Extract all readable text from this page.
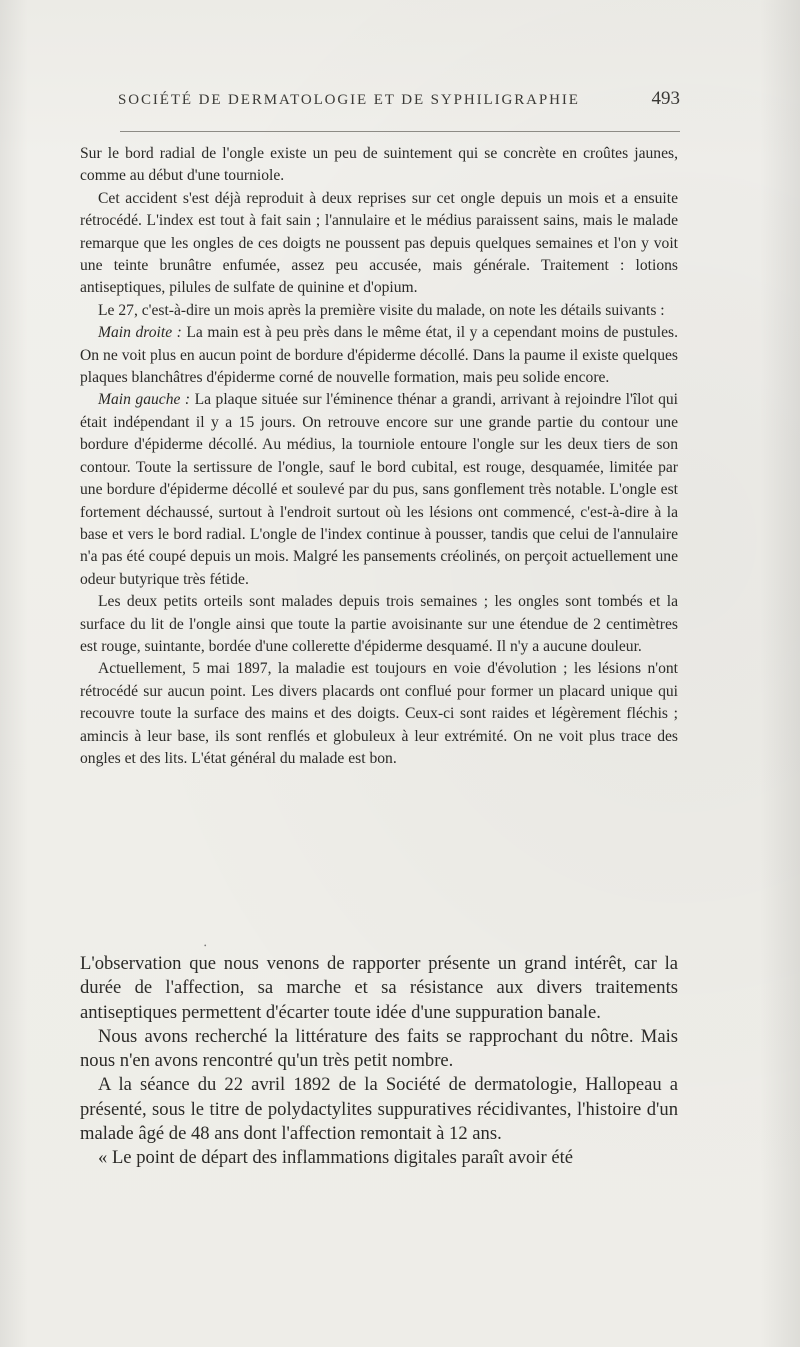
SOCIÉTÉ DE DERMATOLOGIE ET DE SYPHILIGRAPHIE	493

Sur le bord radial de l'ongle existe un peu de suintement qui se concrète en croûtes jaunes, comme au début d'une tourniole.

Cet accident s'est déjà reproduit à deux reprises sur cet ongle depuis un mois et a ensuite rétrocédé. L'index est tout à fait sain ; l'annulaire et le médius paraissent sains, mais le malade remarque que les ongles de ces doigts ne poussent pas depuis quelques semaines et l'on y voit une teinte brunâtre enfumée, assez peu accusée, mais générale. Traitement : lotions antiseptiques, pilules de sulfate de quinine et d'opium.

Le 27, c'est-à-dire un mois après la première visite du malade, on note les détails suivants :

Main droite : La main est à peu près dans le même état, il y a cependant moins de pustules. On ne voit plus en aucun point de bordure d'épiderme décollé. Dans la paume il existe quelques plaques blanchâtres d'épiderme corné de nouvelle formation, mais peu solide encore.

Main gauche : La plaque située sur l'éminence thénar a grandi, arrivant à rejoindre l'îlot qui était indépendant il y a 15 jours. On retrouve encore sur une grande partie du contour une bordure d'épiderme décollé. Au médius, la tourniole entoure l'ongle sur les deux tiers de son contour. Toute la sertissure de l'ongle, sauf le bord cubital, est rouge, desquamée, limitée par une bordure d'épiderme décollé et soulevé par du pus, sans gonflement très notable. L'ongle est fortement déchaussé, surtout à l'endroit surtout où les lésions ont commencé, c'est-à-dire à la base et vers le bord radial. L'ongle de l'index continue à pousser, tandis que celui de l'annulaire n'a pas été coupé depuis un mois. Malgré les pansements créolinés, on perçoit actuellement une odeur butyrique très fétide.

Les deux petits orteils sont malades depuis trois semaines ; les ongles sont tombés et la surface du lit de l'ongle ainsi que toute la partie avoisinante sur une étendue de 2 centimètres est rouge, suintante, bordée d'une collerette d'épiderme desquamé. Il n'y a aucune douleur.

Actuellement, 5 mai 1897, la maladie est toujours en voie d'évolution ; les lésions n'ont rétrocédé sur aucun point. Les divers placards ont conflué pour former un placard unique qui recouvre toute la surface des mains et des doigts. Ceux-ci sont raides et légèrement fléchis ; amincis à leur base, ils sont renflés et globuleux à leur extrémité. On ne voit plus trace des ongles et des lits. L'état général du malade est bon.

•

L'observation que nous venons de rapporter présente un grand intérêt, car la durée de l'affection, sa marche et sa résistance aux divers traitements antiseptiques permettent d'écarter toute idée d'une suppuration banale.

Nous avons recherché la littérature des faits se rapprochant du nôtre. Mais nous n'en avons rencontré qu'un très petit nombre.

A la séance du 22 avril 1892 de la Société de dermatologie, Hallopeau a présenté, sous le titre de polydactylites suppuratives récidivantes, l'histoire d'un malade âgé de 48 ans dont l'affection remontait à 12 ans.

« Le point de départ des inflammations digitales paraît avoir été
